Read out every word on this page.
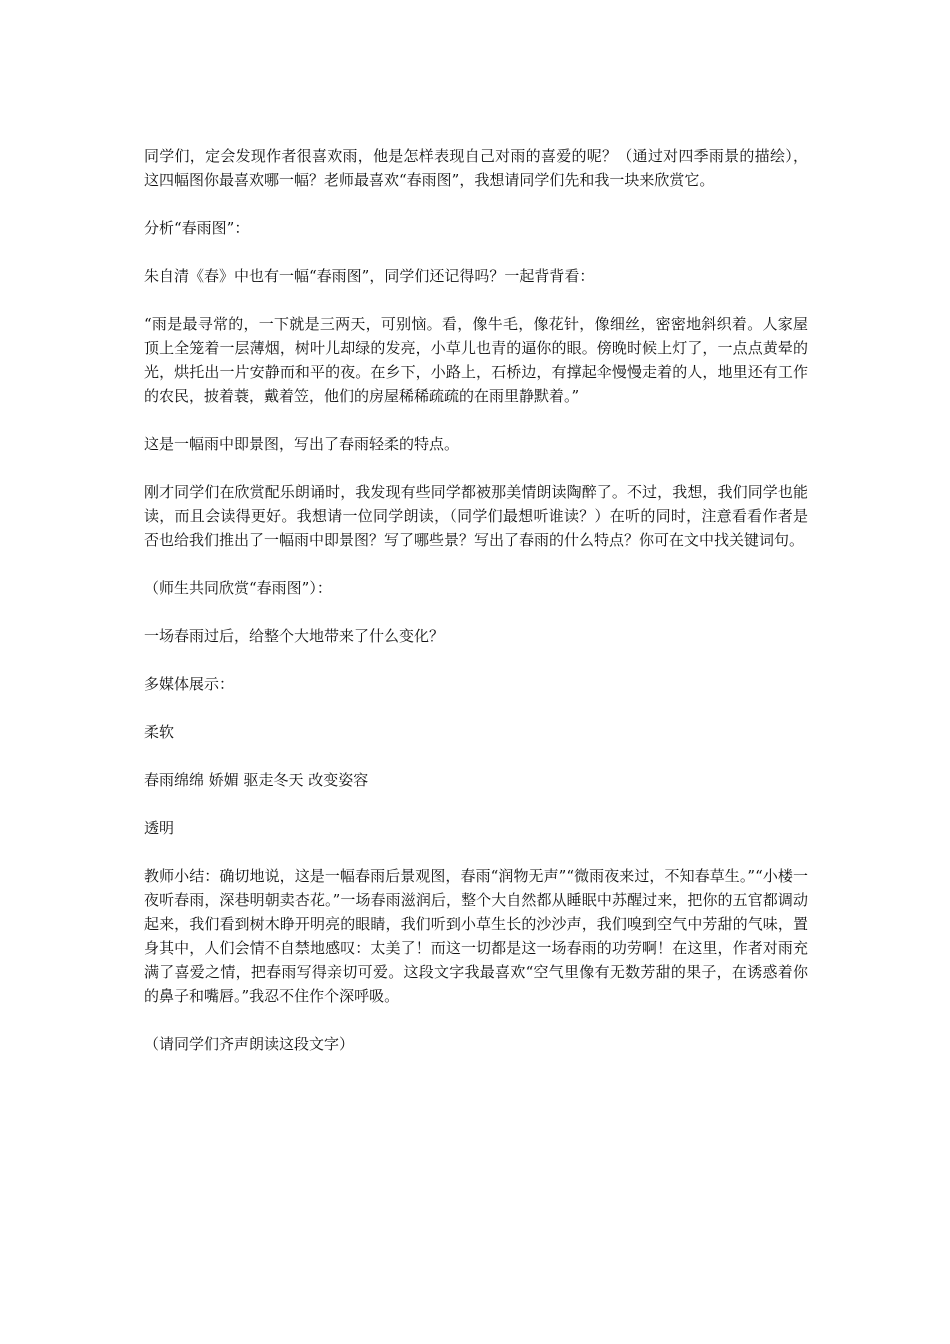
同学们，定会发现作者很喜欢雨，他是怎样表现自己对雨的喜爱的呢？（通过对四季雨景的描绘），这四幅图你最喜欢哪一幅？老师最喜欢“春雨图”，我想请同学们先和我一块来欣赏它。

分析“春雨图”：

朱自清《春》中也有一幅“春雨图”，同学们还记得吗？一起背背看：

“雨是最寻常的，一下就是三两天，可别恼。看，像牛毛，像花针，像细丝，密密地斜织着。人家屋顶上全笼着一层薄烟，树叶儿却绿的发亮，小草儿也青的逼你的眼。傍晚时候上灯了，一点点黄晕的光，烘托出一片安静而和平的夜。在乡下，小路上，石桥边，有撑起伞慢慢走着的人，地里还有工作的农民，披着蓑，戴着笠，他们的房屋稀稀疏疏的在雨里静默着。”

这是一幅雨中即景图，写出了春雨轻柔的特点。

刚才同学们在欣赏配乐朗诵时，我发现有些同学都被那美情朗读陶醉了。不过，我想，我们同学也能读，而且会读得更好。我想请一位同学朗读，（同学们最想听谁读？）在听的同时，注意看看作者是否也给我们推出了一幅雨中即景图？写了哪些景？写出了春雨的什么特点？你可在文中找关键词句。

（师生共同欣赏“春雨图”）：

一场春雨过后，给整个大地带来了什么变化？

多媒体展示：

柔软

春雨绵绵 娇媚 驱走冬天 改变姿容

透明

教师小结：确切地说，这是一幅春雨后景观图，春雨“润物无声”“微雨夜来过，不知春草生。”“小楼一夜听春雨，深巷明朝卖杏花。”一场春雨滋润后，整个大自然都从睡眠中苏醒过来，把你的五官都调动起来，我们看到树木睁开明亮的眼睛，我们听到小草生长的沙沙声，我们嗅到空气中芳甜的气味，置身其中，人们会情不自禁地感叹：太美了！而这一切都是这一场春雨的功劳啊！在这里，作者对雨充满了喜爱之情，把春雨写得亲切可爱。这段文字我最喜欢“空气里像有无数芳甜的果子，在诱惑着你的鼻子和嘴唇。”我忍不住作个深呼吸。

（请同学们齐声朗读这段文字）
